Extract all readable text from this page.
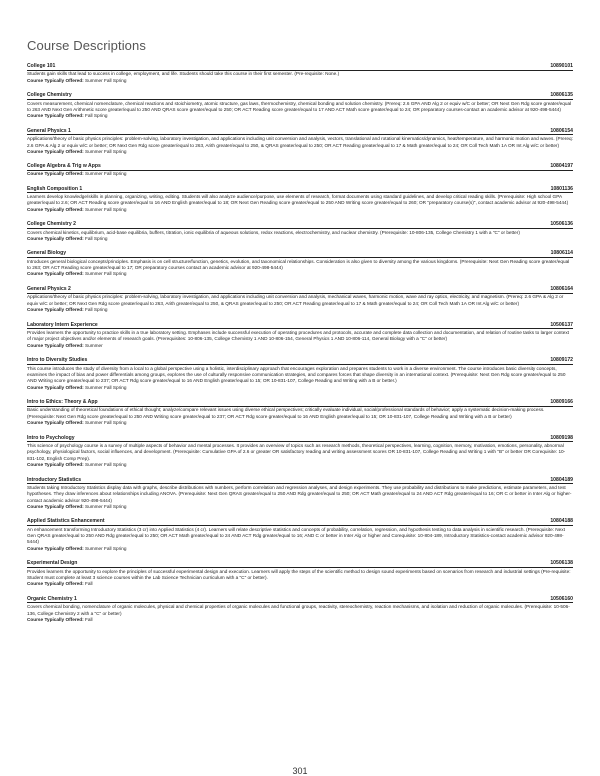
Course Descriptions
College 101	10890101
Students gain skills that lead to success in college, employment, and life. Students should take this course in their first semester. (Pre-requisite: None.)
Course Typically Offered: Summer Fall Spring
College Chemistry	10806135
Covers measurement, chemical nomenclature, chemical reactions and stoichiometry, atomic structure, gas laws, thermochemistry, chemical bonding and solution chemistry. (Prereq: 2.6 GPA AND Alg 2 or equiv w/C or better; OR Next Gen Rdg score greater/equal to 263 AND Next Gen Arithmetic score greater/equal to 250 AND QRAS score greater/equal to 250; OR ACT Reading score greater/equal to 17 AND ACT Math score greater/equal to 24; OR preparatory courses-contact an academic advisor at 920-498-5444)
Course Typically Offered: Fall Spring
General Physics 1	10806154
Applications/theory of basic physics principles: problem-solving, laboratory investigation, and applications including unit conversion and analysis, vectors, translational and rotational kinematics/dynamics, heat/temperature, and harmonic motion and waves. (Prereq: 2.6 GPA & Alg 2 or equiv w/C or better; OR Next Gen Rdg score greater/equal to 263, Arith greater/equal to 250, & QRAS greater/equal to 250; OR ACT Reading greater/equal to 17 & Math greater/equal to 24; OR Coll Tech Math 1A OR Int Alg w/C or better)
Course Typically Offered: Summer Fall Spring
College Algebra & Trig w Apps	10804197
Course Typically Offered: Summer Fall Spring
English Composition 1	10801136
Learners develop knowledge/skills in planning, organizing, writing, editing. Students will also analyze audience/purpose, use elements of research, format documents using standard guidelines, and develop critical reading skills. (Prerequisite: High school GPA greater/equal to 2.6; OR ACT Reading score greater/equal to 16 AND English greater/equal to 18; OR Next Gen Reading score greater/equal to 250 AND Writing score greater/equal to 260; OR "preparatory course(s)", contact academic advisor at 920-498-5444)
Course Typically Offered: Summer Fall Spring
College Chemistry 2	10506136
Covers chemical kinetics, equilibrium, acid-base equilibria, buffers, titration, ionic equilibria of aqueous solutions, redox reactions, electrochemistry, and nuclear chemistry. (Prerequisite: 10-806-135, College Chemistry 1 with a "C" or better)
Course Typically Offered: Fall Spring
General Biology	10806114
Introduces general biological concepts/principles. Emphasis is on cell structure/function, genetics, evolution, and taxonomical relationships. Consideration is also given to diversity among the various kingdoms. (Prerequisite: Next Gen Reading score greater/equal to 263; OR ACT Reading score greater/equal to 17; OR preparatory courses contact an academic advisor at 920-498-5444)
Course Typically Offered: Summer Fall Spring
General Physics 2	10806164
Applications/theory of basic physics principles: problem-solving, laboratory investigation, and applications including unit conversion and analysis, mechanical waves, harmonic motion, wave and ray optics, electricity, and magnetism. (Prereq: 2.6 GPA & Alg 2 or equiv w/C or better; OR Next Gen Rdg score greater/equal to 263, Arith greater/equal to 250, & QRAS greater/equal to 250; OR ACT Reading greater/equal to 17 & Math greater/equal to 24; OR Coll Tech Math 1A OR Int Alg w/C or better)
Course Typically Offered: Fall Spring
Laboratory Intern Experience	10506137
Provides learners the opportunity to practice skills in a true laboratory setting. Emphases include successful execution of operating procedures and protocols, accurate and complete data collection and documentation, and relation of routine tasks to larger context of major project objectives and/or elements of research goals. (Prerequisites: 10-806-135, College Chemistry 1 AND 10-806-154, General Physics 1 AND 10-806-114, General Biology with a "C" or better)
Course Typically Offered: Summer
Intro to Diversity Studies	10809172
This course introduces the study of diversity from a local to a global perspective using a holistic, interdisciplinary approach that encourages exploration and prepares students to work in a diverse environment. The course introduces basic diversity concepts, examines the impact of bias and power differentials among groups, explores the use of culturally responsive communication strategies, and compares forces that shape diversity in an international context. (Prerequisite: Next Gen Rdg score greater/equal to 250 AND Writing score greater/equal to 237; OR ACT Rdg score greater/equal to 16 AND English greater/equal to 15; OR 10-831-107, College Reading and Writing with a B or better.)
Course Typically Offered: Summer Fall Spring
Intro to Ethics: Theory & App	10809166
Basic understanding of theoretical foundations of ethical thought; analyze/compare relevant issues using diverse ethical perspectives; critically evaluate individual, social/professional standards of behavior; apply a systematic decision-making process. (Prerequisite: Next Gen Rdg score greater/equal to 250 AND Writing score greater/equal to 237; OR ACT Rdg score greater/equal to 16 AND English greater/equal to 15; OR 10-831-107, College Reading and Writing with a B or better)
Course Typically Offered: Summer Fall Spring
Intro to Psychology	10809198
This science of psychology course is a survey of multiple aspects of behavior and mental processes. It provides an overview of topics such as research methods, theoretical perspectives, learning, cognition, memory, motivation, emotions, personality, abnormal psychology, physiological factors, social influences, and development. (Prerequisite: Cumulative GPA of 2.6 or greater OR satisfactory reading and writing assessment scores OR 10-831-107, College Reading and Writing 1 with "B" or better OR Corequisite: 10-831-102, English Comp Prep).
Course Typically Offered: Summer Fall Spring
Introductory Statistics	10804189
Students taking Introductory Statistics display data with graphs, describe distributions with numbers, perform correlation and regression analyses, and design experiments. They use probability and distributions to make predictions, estimate parameters, and test hypotheses. They draw inferences about relationships including ANOVA. (Prerequisite: Next Gen QRAS greater/equal to 250 AND Rdg greater/equal to 250; OR ACT Math greater/equal to 24 AND ACT Rdg greater/equal to 16; OR C or better in Inter Alg or higher-contact academic advisor 920-498-5444)
Course Typically Offered: Summer Fall Spring
Applied Statistics Enhancement	10804188
An enhancement transforming Introductory Statistics (3 cr) into Applied Statistics (4 cr). Learners will relate descriptive statistics and concepts of probability, correlation, regression, and hypothesis testing to data analysis in scientific research. (Prerequisite: Next Gen QRAS greater/equal to 250 AND Rdg greater/equal to 250; OR ACT Math greater/equal to 24 AND ACT Rdg greater/equal to 16; AND C or better in Inter Alg or higher and Corequisite: 10-804-189, Introductory Statistics-contact academic advisor 920-498-5444)
Course Typically Offered: Summer Fall Spring
Experimental Design	10506138
Provides learners the opportunity to explore the principles of successful experimental design and execution. Learners will apply the steps of the scientific method to design sound experiments based on scenarios from research and industrial settings (Pre-requisite: Student must complete at least 3 science courses within the Lab Science Technician curriculum with a "C" or better).
Course Typically Offered: Fall
Organic Chemistry 1	10506160
Covers chemical bonding, nomenclature of organic molecules, physical and chemical properties of organic molecules and functional groups, reactivity, stereochemistry, reaction mechanisms, and isolation and reduction of organic molecules. (Prerequisite: 10-506-136, College Chemistry 2 with a "C" or better)
Course Typically Offered: Fall
301
